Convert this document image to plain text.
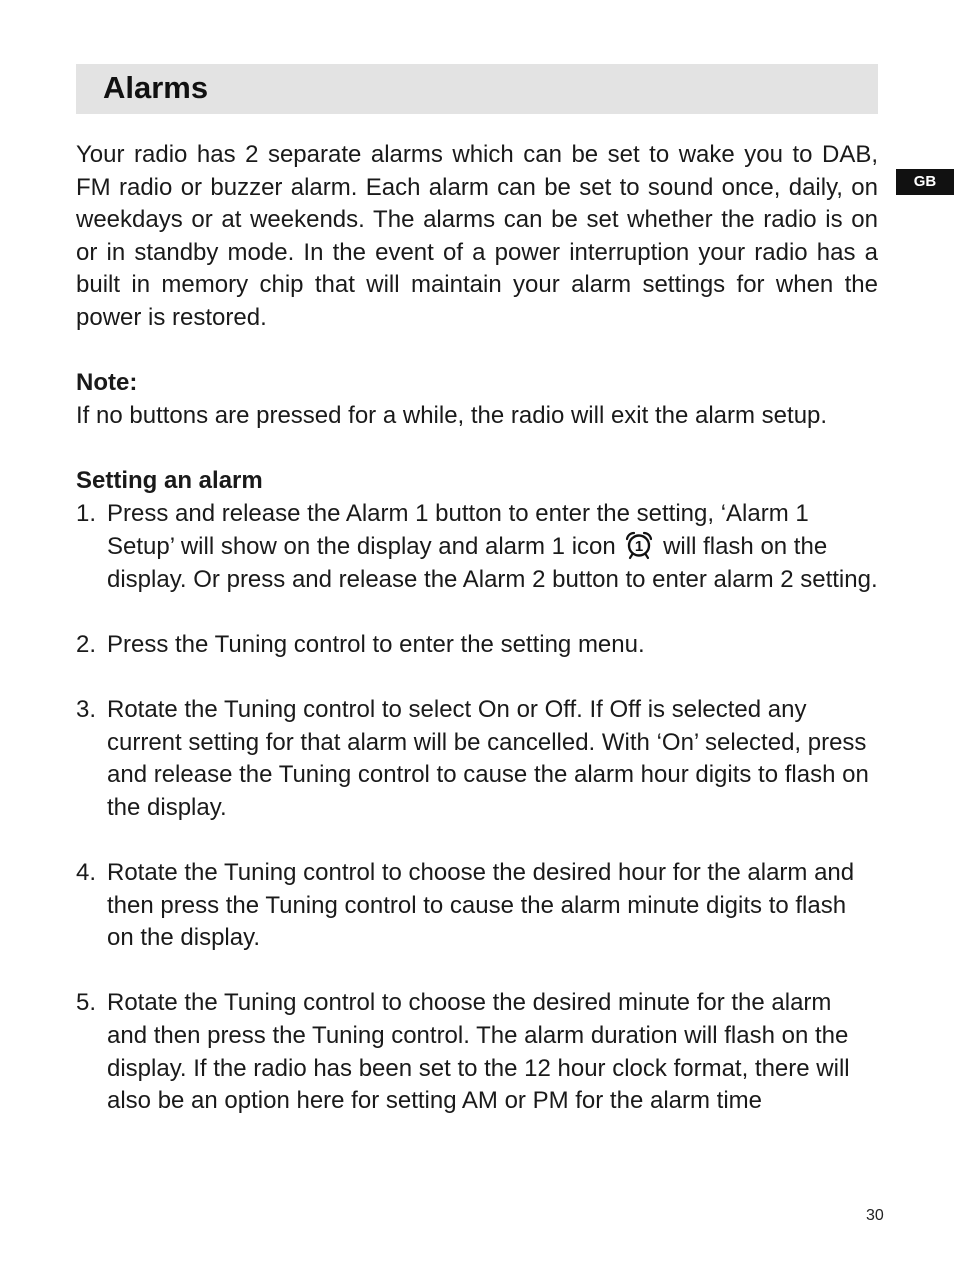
Alarms
GB

Your radio has 2 separate alarms which can be set to wake you to DAB, FM radio or buzzer alarm. Each alarm can be set to sound once, daily, on weekdays or at weekends. The alarms can be set whether the radio is on or in standby mode. In the event of a power interruption your radio has a built in memory chip that will maintain your alarm settings for when the power is restored.

Note:

If no buttons are pressed for a while, the radio will exit the alarm setup.

Setting an alarm

1. Press and release the Alarm 1 button to enter the setting, ‘Alarm 1 Setup’ will show on the display and alarm 1 icon 1 will flash on the display. Or press and release the Alarm 2 button to enter alarm 2 setting.
2. Press the Tuning control to enter the setting menu.
3. Rotate the Tuning control to select On or Off. If Off is selected any current setting for that alarm will be cancelled. With ‘On’ selected, press and release the Tuning control to cause the alarm hour digits to flash on the display.
4. Rotate the Tuning control to choose the desired hour for the alarm and then press the Tuning control to cause the alarm minute digits to flash on the display.
5. Rotate the Tuning control to choose the desired minute for the alarm and then press the Tuning control. The alarm duration will flash on the display. If the radio has been set to the 12 hour clock format, there will also be an option here for setting AM or PM for the alarm time
30
